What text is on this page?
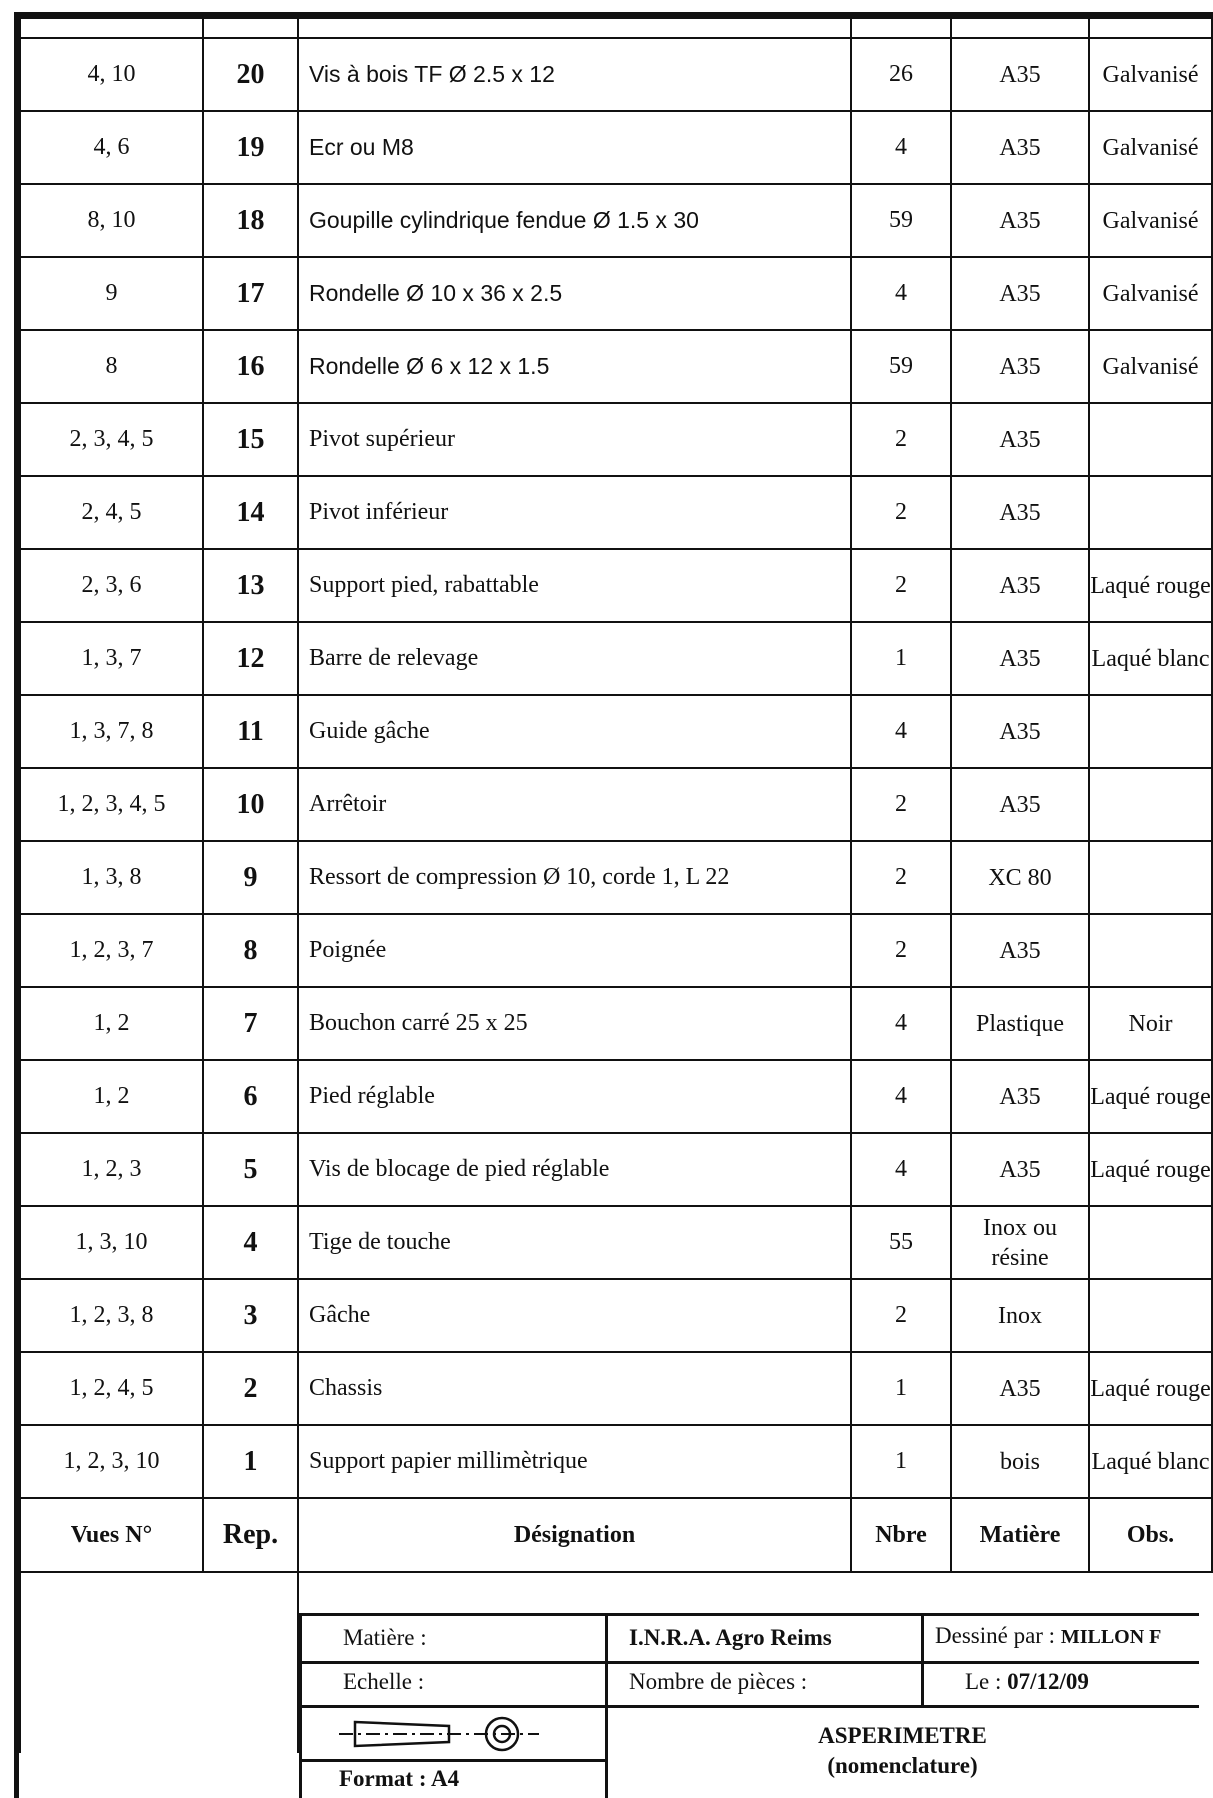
4, 10	20	Vis à bois TF Ø 2.5 x 12	26	A35	Galvanisé
4, 6	19	Ecr ou M8	4	A35	Galvanisé
8, 10	18	Goupille cylindrique fendue Ø 1.5 x 30	59	A35	Galvanisé
9	17	Rondelle Ø 10 x 36 x 2.5	4	A35	Galvanisé
8	16	Rondelle Ø 6 x 12 x 1.5	59	A35	Galvanisé
2, 3, 4, 5	15	Pivot supérieur	2	A35	
2, 4, 5	14	Pivot inférieur	2	A35	
2, 3, 6	13	Support pied, rabattable	2	A35	Laqué rouge
1, 3, 7	12	Barre de relevage	1	A35	Laqué blanc
1, 3, 7, 8	11	Guide gâche	4	A35	
1, 2, 3, 4, 5	10	Arrêtoir	2	A35	
1, 3, 8	9	Ressort de compression Ø 10, corde 1, L 22	2	XC 80	
1, 2, 3, 7	8	Poignée	2	A35	
1, 2	7	Bouchon carré 25 x 25	4	Plastique	Noir
1, 2	6	Pied réglable	4	A35	Laqué rouge
1, 2, 3	5	Vis de blocage de pied réglable	4	A35	Laqué rouge
1, 3, 10	4	Tige de touche	55	Inox ou résine	
1, 2, 3, 8	3	Gâche	2	Inox	
1, 2, 4, 5	2	Chassis	1	A35	Laqué rouge
1, 2, 3, 10	1	Support papier millimètrique	1	bois	Laqué blanc
Vues N°	Rep.	Désignation	Nbre	Matière	Obs.

Matière :
Echelle :
Format : A4
I.N.R.A. Agro Reims
Nombre de pièces :
Dessiné par : MILLON F
Le : 07/12/09
ASPERIMETRE
(nomenclature)
